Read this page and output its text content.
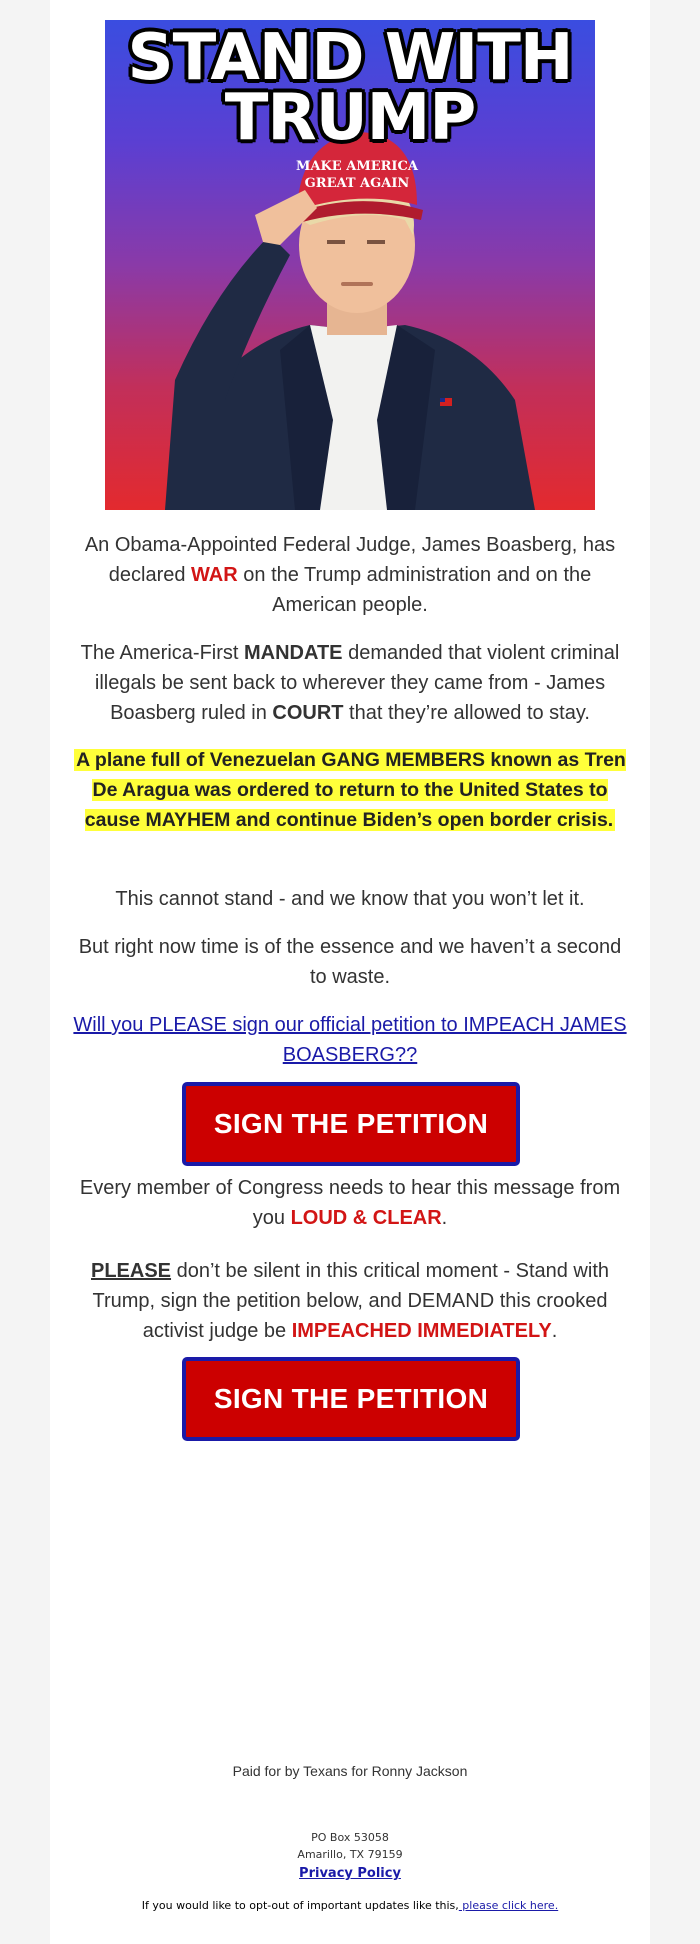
MAKE AMERICA
GREAT AGAIN
STAND WITH
TRUMP
An Obama-Appointed Federal Judge, James Boasberg, has declared WAR on the Trump administration and on the American people.
The America-First MANDATE demanded that violent criminal illegals be sent back to wherever they came from - James Boasberg ruled in COURT that they’re allowed to stay.
A plane full of Venezuelan GANG MEMBERS known as Tren De Aragua was ordered to return to the United States to cause MAYHEM and continue Biden’s open border crisis.
This cannot stand - and we know that you won’t let it.
But right now time is of the essence and we haven’t a second to waste.
Will you PLEASE sign our official petition to IMPEACH JAMES BOASBERG??
SIGN THE PETITION
Every member of Congress needs to hear this message from you LOUD & CLEAR.
PLEASE don’t be silent in this critical moment - Stand with Trump, sign the petition below, and DEMAND this crooked activist judge be IMPEACHED IMMEDIATELY.
SIGN THE PETITION
Paid for by Texans for Ronny Jackson
PO Box 53058
Amarillo, TX 79159
Privacy Policy
If you would like to opt-out of important updates like this, please click here.
